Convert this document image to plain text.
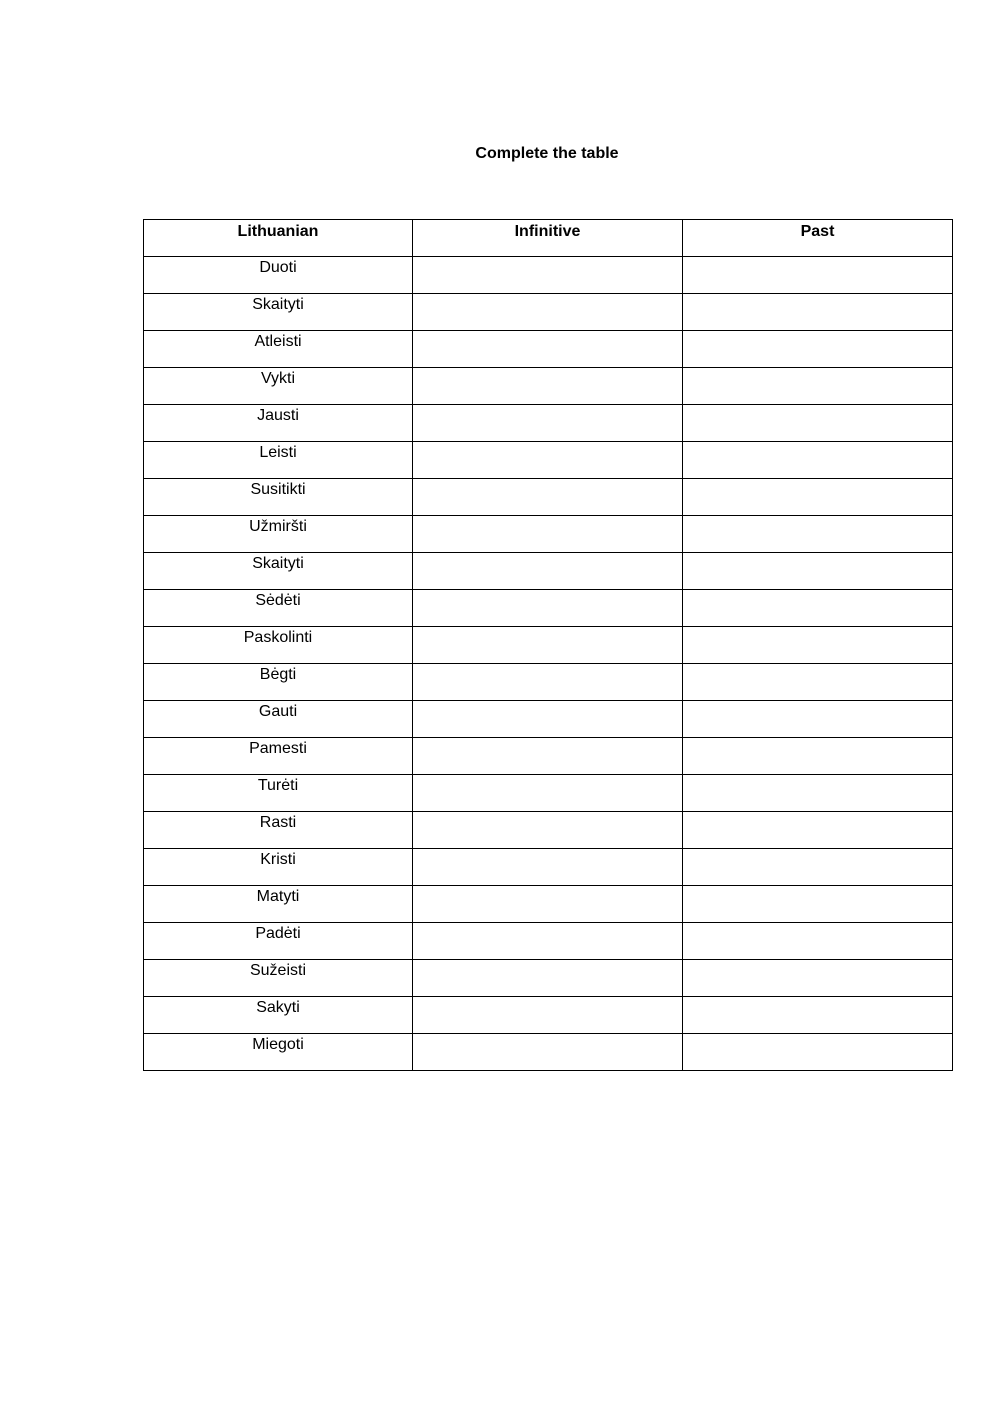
Complete the table
Lithuanian	Infinitive	Past
Duoti		
Skaityti		
Atleisti		
Vykti		
Jausti		
Leisti		
Susitikti		
Užmiršti		
Skaityti		
Sėdėti		
Paskolinti		
Bėgti		
Gauti		
Pamesti		
Turėti		
Rasti		
Kristi		
Matyti		
Padėti		
Sužeisti		
Sakyti		
Miegoti		
